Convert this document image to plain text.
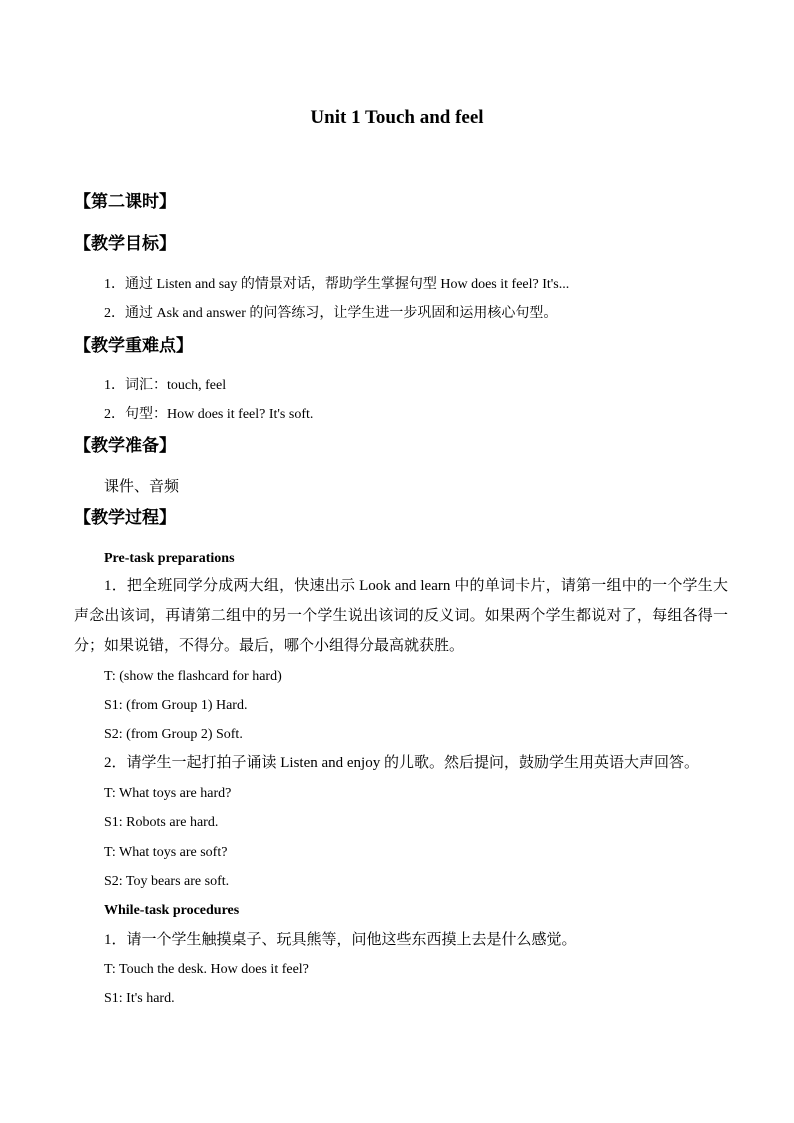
Unit 1 Touch and feel
【第二课时】
【教学目标】
1．通过 Listen and say 的情景对话，帮助学生掌握句型 How does it feel? It's...
2．通过 Ask and answer 的问答练习，让学生进一步巩固和运用核心句型。
【教学重难点】
1．词汇：touch, feel
2．句型：How does it feel? It's soft.
【教学准备】
课件、音频
【教学过程】
Pre-task preparations
1．把全班同学分成两大组，快速出示 Look and learn 中的单词卡片，请第一组中的一个学生大声念出该词，再请第二组中的另一个学生说出该词的反义词。如果两个学生都说对了，每组各得一分；如果说错，不得分。最后，哪个小组得分最高就获胜。
T: (show the flashcard for hard)
S1: (from Group 1) Hard.
S2: (from Group 2) Soft.
2．请学生一起打拍子诵读 Listen and enjoy 的儿歌。然后提问，鼓励学生用英语大声回答。
T: What toys are hard?
S1: Robots are hard.
T: What toys are soft?
S2: Toy bears are soft.
While-task procedures
1．请一个学生触摸桌子、玩具熊等，问他这些东西摸上去是什么感觉。
T: Touch the desk. How does it feel?
S1: It's hard.
